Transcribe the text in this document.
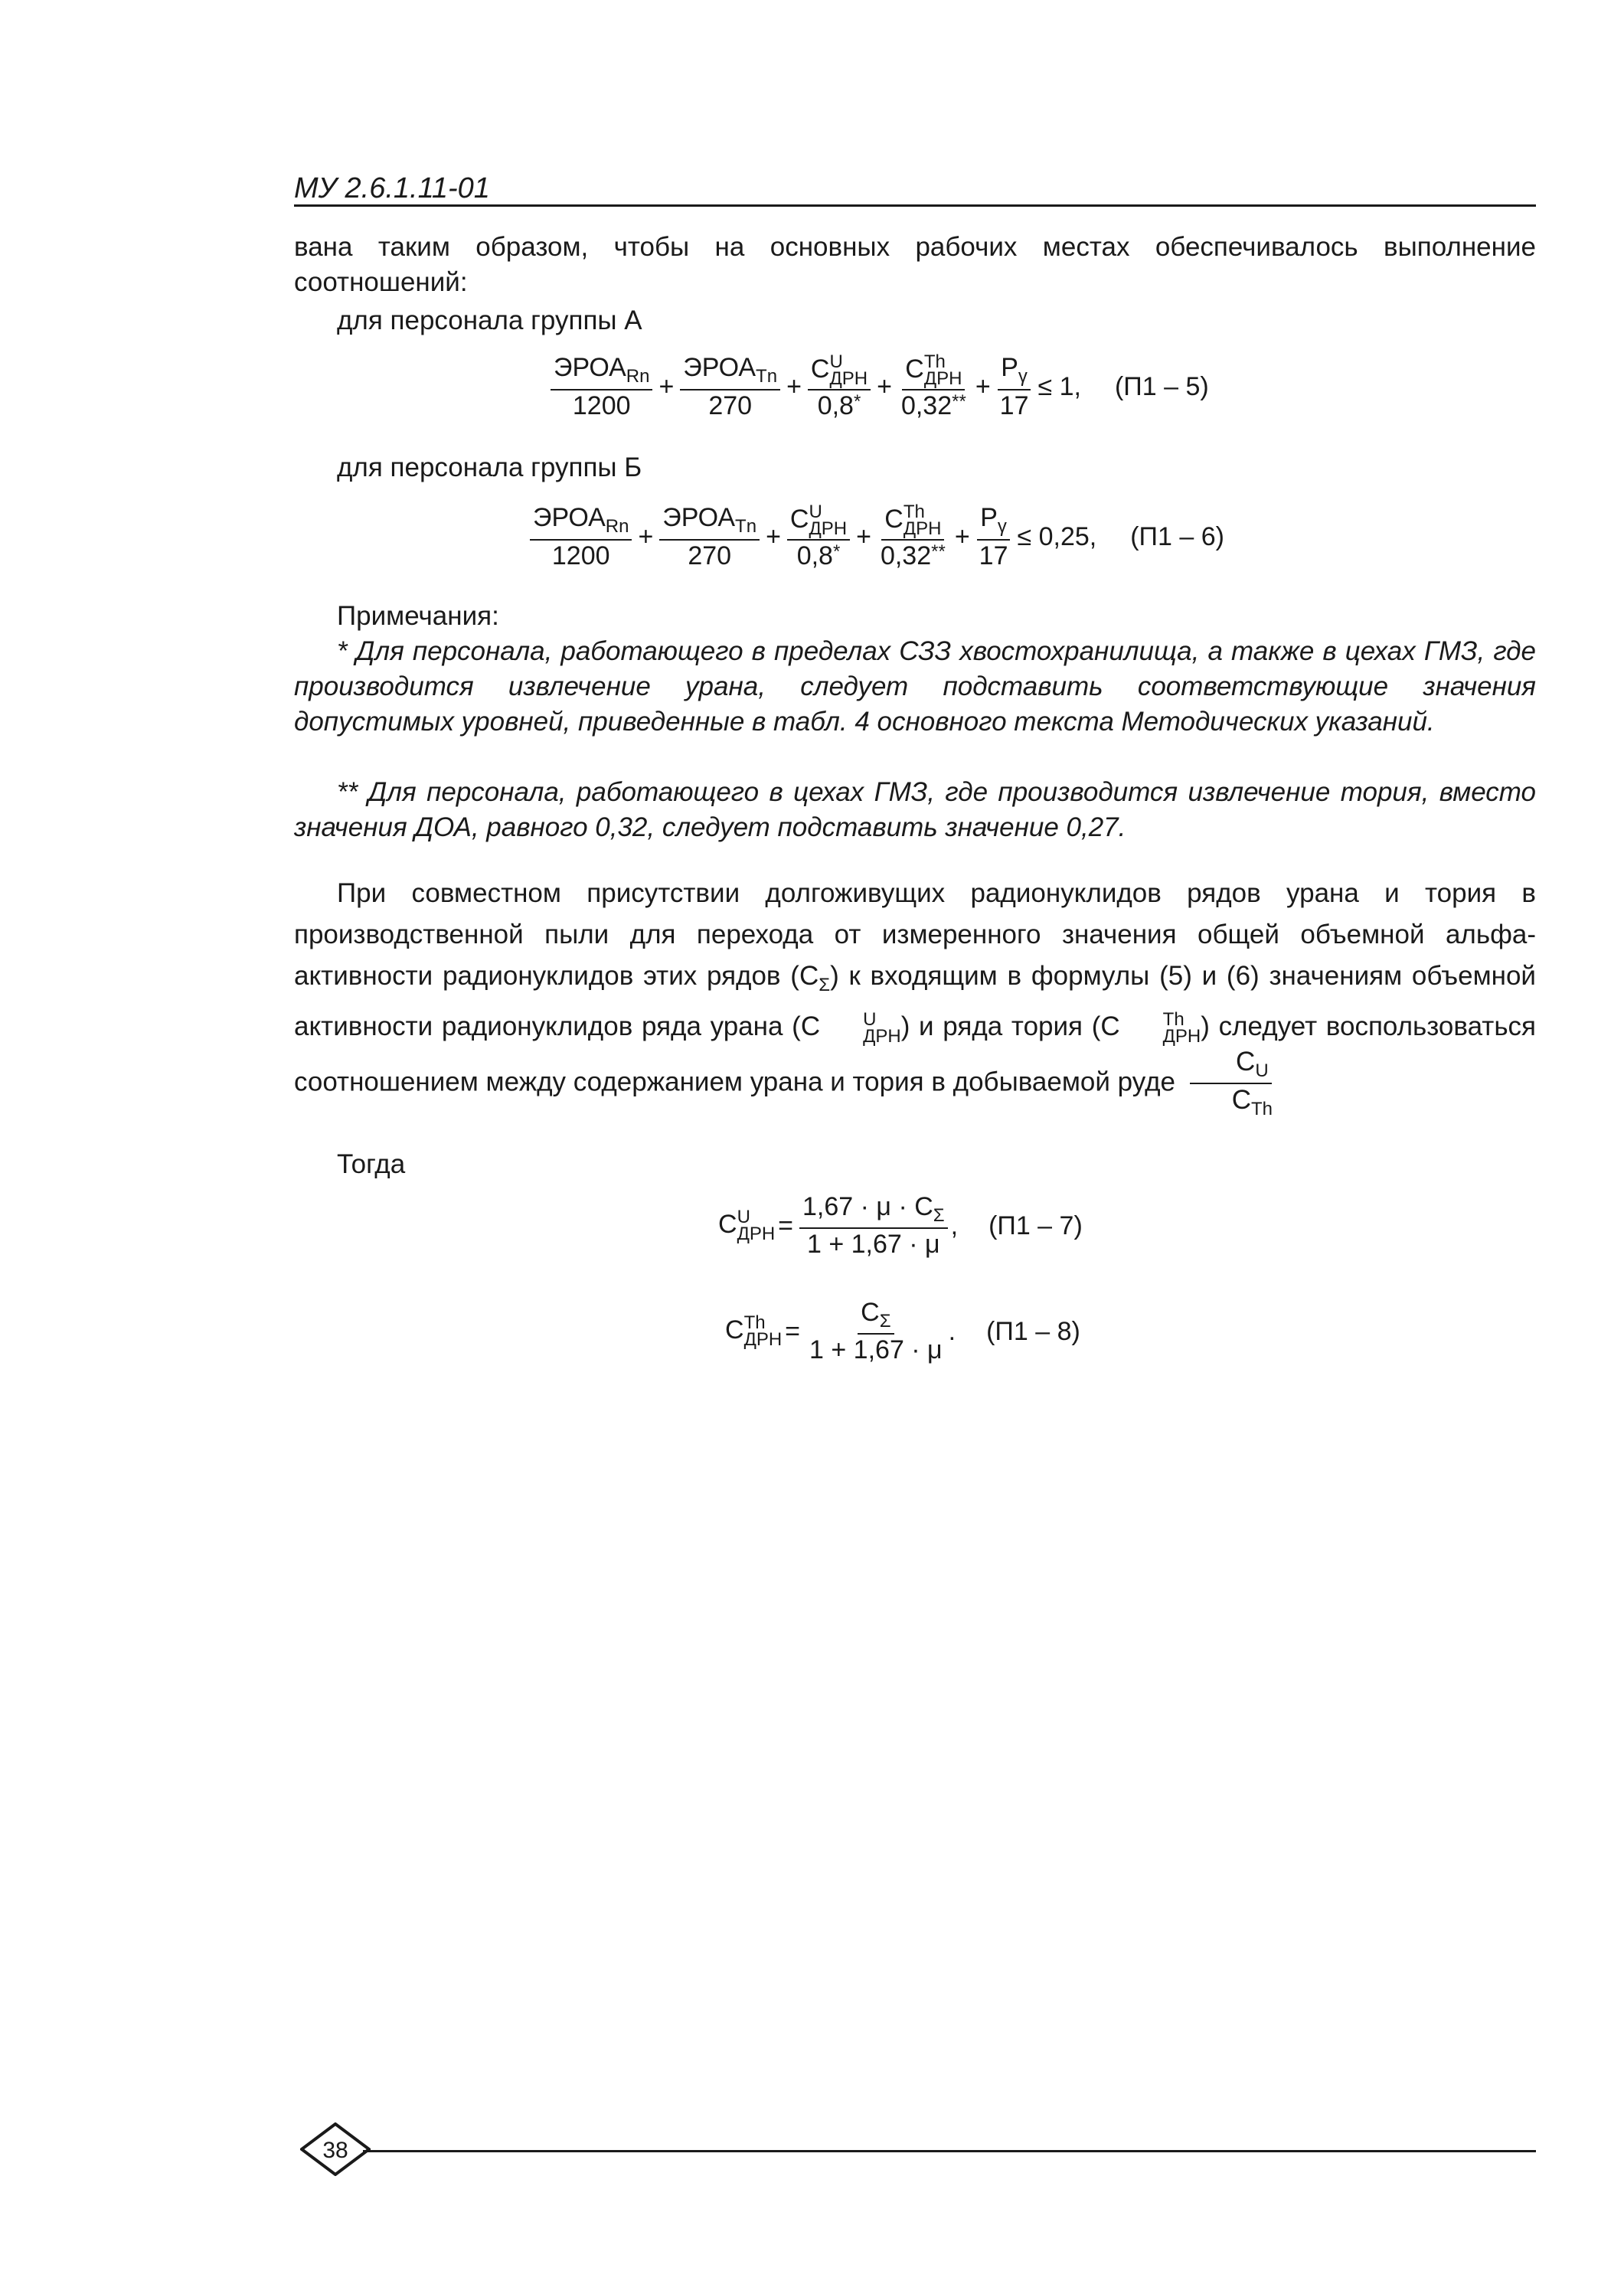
МУ 2.6.1.11-01
вана таким образом, чтобы на основных рабочих местах обеспечивалось выполнение соотношений:
для персонала группы А
$\frac{ЭРОА_{Rn}}{1200} + \frac{ЭРОА_{Tn}}{270} + C$ U
ДРН
0,8* + C Th
ДРН
$0,32^{**} + \frac{P_\gamma}{17} \le 1$, (П1 – 5)
для персонала группы Б
$\frac{ЭРОА_{Rn}}{1200} + \frac{ЭРОА_{Tn}}{270} + C$ U
ДРН
0,8* + C Th
ДРН
$0,32^{**} + \frac{P_\gamma}{17} \le 0,25$, (П1 – 6)
Примечания:
* Для персонала, работающего в пределах СЗЗ хвостохранилища, а также в цехах ГМЗ, где производится извлечение урана, следует подставить соответствующие значения допустимых уровней, приведенные в табл. 4 основного текста Методических указаний.
** Для персонала, работающего в цехах ГМЗ, где производится извлечение тория, вместо значения ДОА, равного 0,32, следует подставить значение 0,27.
При совместном присутствии долгоживущих радионуклидов рядов урана и тория в производственной пыли для перехода от измеренного значения общей объемной альфа-активности радионуклидов этих рядов $(C_\Sigma)$ к входящим в формулы (5) и (6) значениям объемной активности радионуклидов ряда урана (C	U
ДРН ) и ряда тория (C	Th
ДРН ) следует воспользоваться соотношением между содержанием урана и тория в добываемой руде $\frac{C_U}{C_{Th}}$
Тогда
C U
ДРН = $\frac{1,67 \cdot \mu \cdot C_\Sigma}{1 + 1,67 \cdot \mu}$ , (П1 – 7)
C Th
ДРН = $\frac{C_\Sigma}{1 + 1,67 \cdot \mu}$ . (П1 – 8)
38
